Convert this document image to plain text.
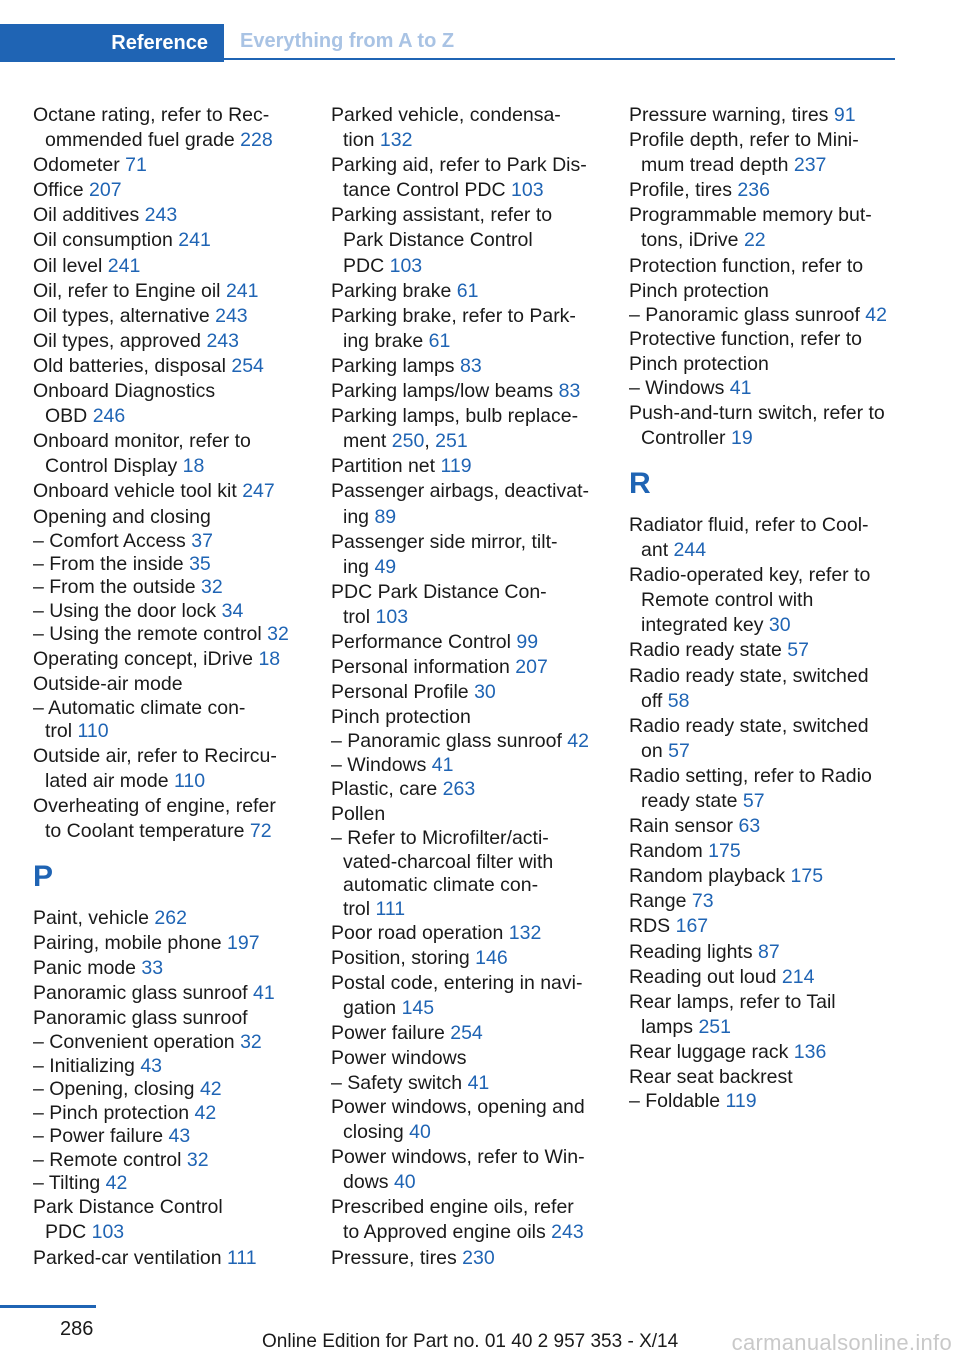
Reference	Everything from A to Z
Octane rating, refer to Rec-
ommended fuel grade 228
Odometer 71
Office 207
Oil additives 243
Oil consumption 241
Oil level 241
Oil, refer to Engine oil 241
Oil types, alternative 243
Oil types, approved 243
Old batteries, disposal 254
Onboard Diagnostics
OBD 246
Onboard monitor, refer to
Control Display 18
Onboard vehicle tool kit 247
Opening and closing
– Comfort Access 37
– From the inside 35
– From the outside 32
– Using the door lock 34
– Using the remote control 32
Operating concept, iDrive 18
Outside-air mode
– Automatic climate con-
trol 110
Outside air, refer to Recircu-
lated air mode 110
Overheating of engine, refer
to Coolant temperature 72
P
Paint, vehicle 262
Pairing, mobile phone 197
Panic mode 33
Panoramic glass sunroof 41
Panoramic glass sunroof
– Convenient operation 32
– Initializing 43
– Opening, closing 42
– Pinch protection 42
– Power failure 43
– Remote control 32
– Tilting 42
Park Distance Control
PDC 103
Parked-car ventilation 111
Parked vehicle, condensa-
tion 132
Parking aid, refer to Park Dis-
tance Control PDC 103
Parking assistant, refer to
Park Distance Control
PDC 103
Parking brake 61
Parking brake, refer to Park-
ing brake 61
Parking lamps 83
Parking lamps/low beams 83
Parking lamps, bulb replace-
ment 250, 251
Partition net 119
Passenger airbags, deactivat-
ing 89
Passenger side mirror, tilt-
ing 49
PDC Park Distance Con-
trol 103
Performance Control 99
Personal information 207
Personal Profile 30
Pinch protection
– Panoramic glass sunroof 42
– Windows 41
Plastic, care 263
Pollen
– Refer to Microfilter/acti-
vated-charcoal filter with
automatic climate con-
trol 111
Poor road operation 132
Position, storing 146
Postal code, entering in navi-
gation 145
Power failure 254
Power windows
– Safety switch 41
Power windows, opening and
closing 40
Power windows, refer to Win-
dows 40
Prescribed engine oils, refer
to Approved engine oils 243
Pressure, tires 230
Pressure warning, tires 91
Profile depth, refer to Mini-
mum tread depth 237
Profile, tires 236
Programmable memory but-
tons, iDrive 22
Protection function, refer to
Pinch protection
– Panoramic glass sunroof 42
Protective function, refer to
Pinch protection
– Windows 41
Push-and-turn switch, refer to
Controller 19
R
Radiator fluid, refer to Cool-
ant 244
Radio-operated key, refer to
Remote control with
integrated key 30
Radio ready state 57
Radio ready state, switched
off 58
Radio ready state, switched
on 57
Radio setting, refer to Radio
ready state 57
Rain sensor 63
Random 175
Random playback 175
Range 73
RDS 167
Reading lights 87
Reading out loud 214
Rear lamps, refer to Tail
lamps 251
Rear luggage rack 136
Rear seat backrest
– Foldable 119
286
Online Edition for Part no. 01 40 2 957 353 - X/14 carmanualsonline.info
